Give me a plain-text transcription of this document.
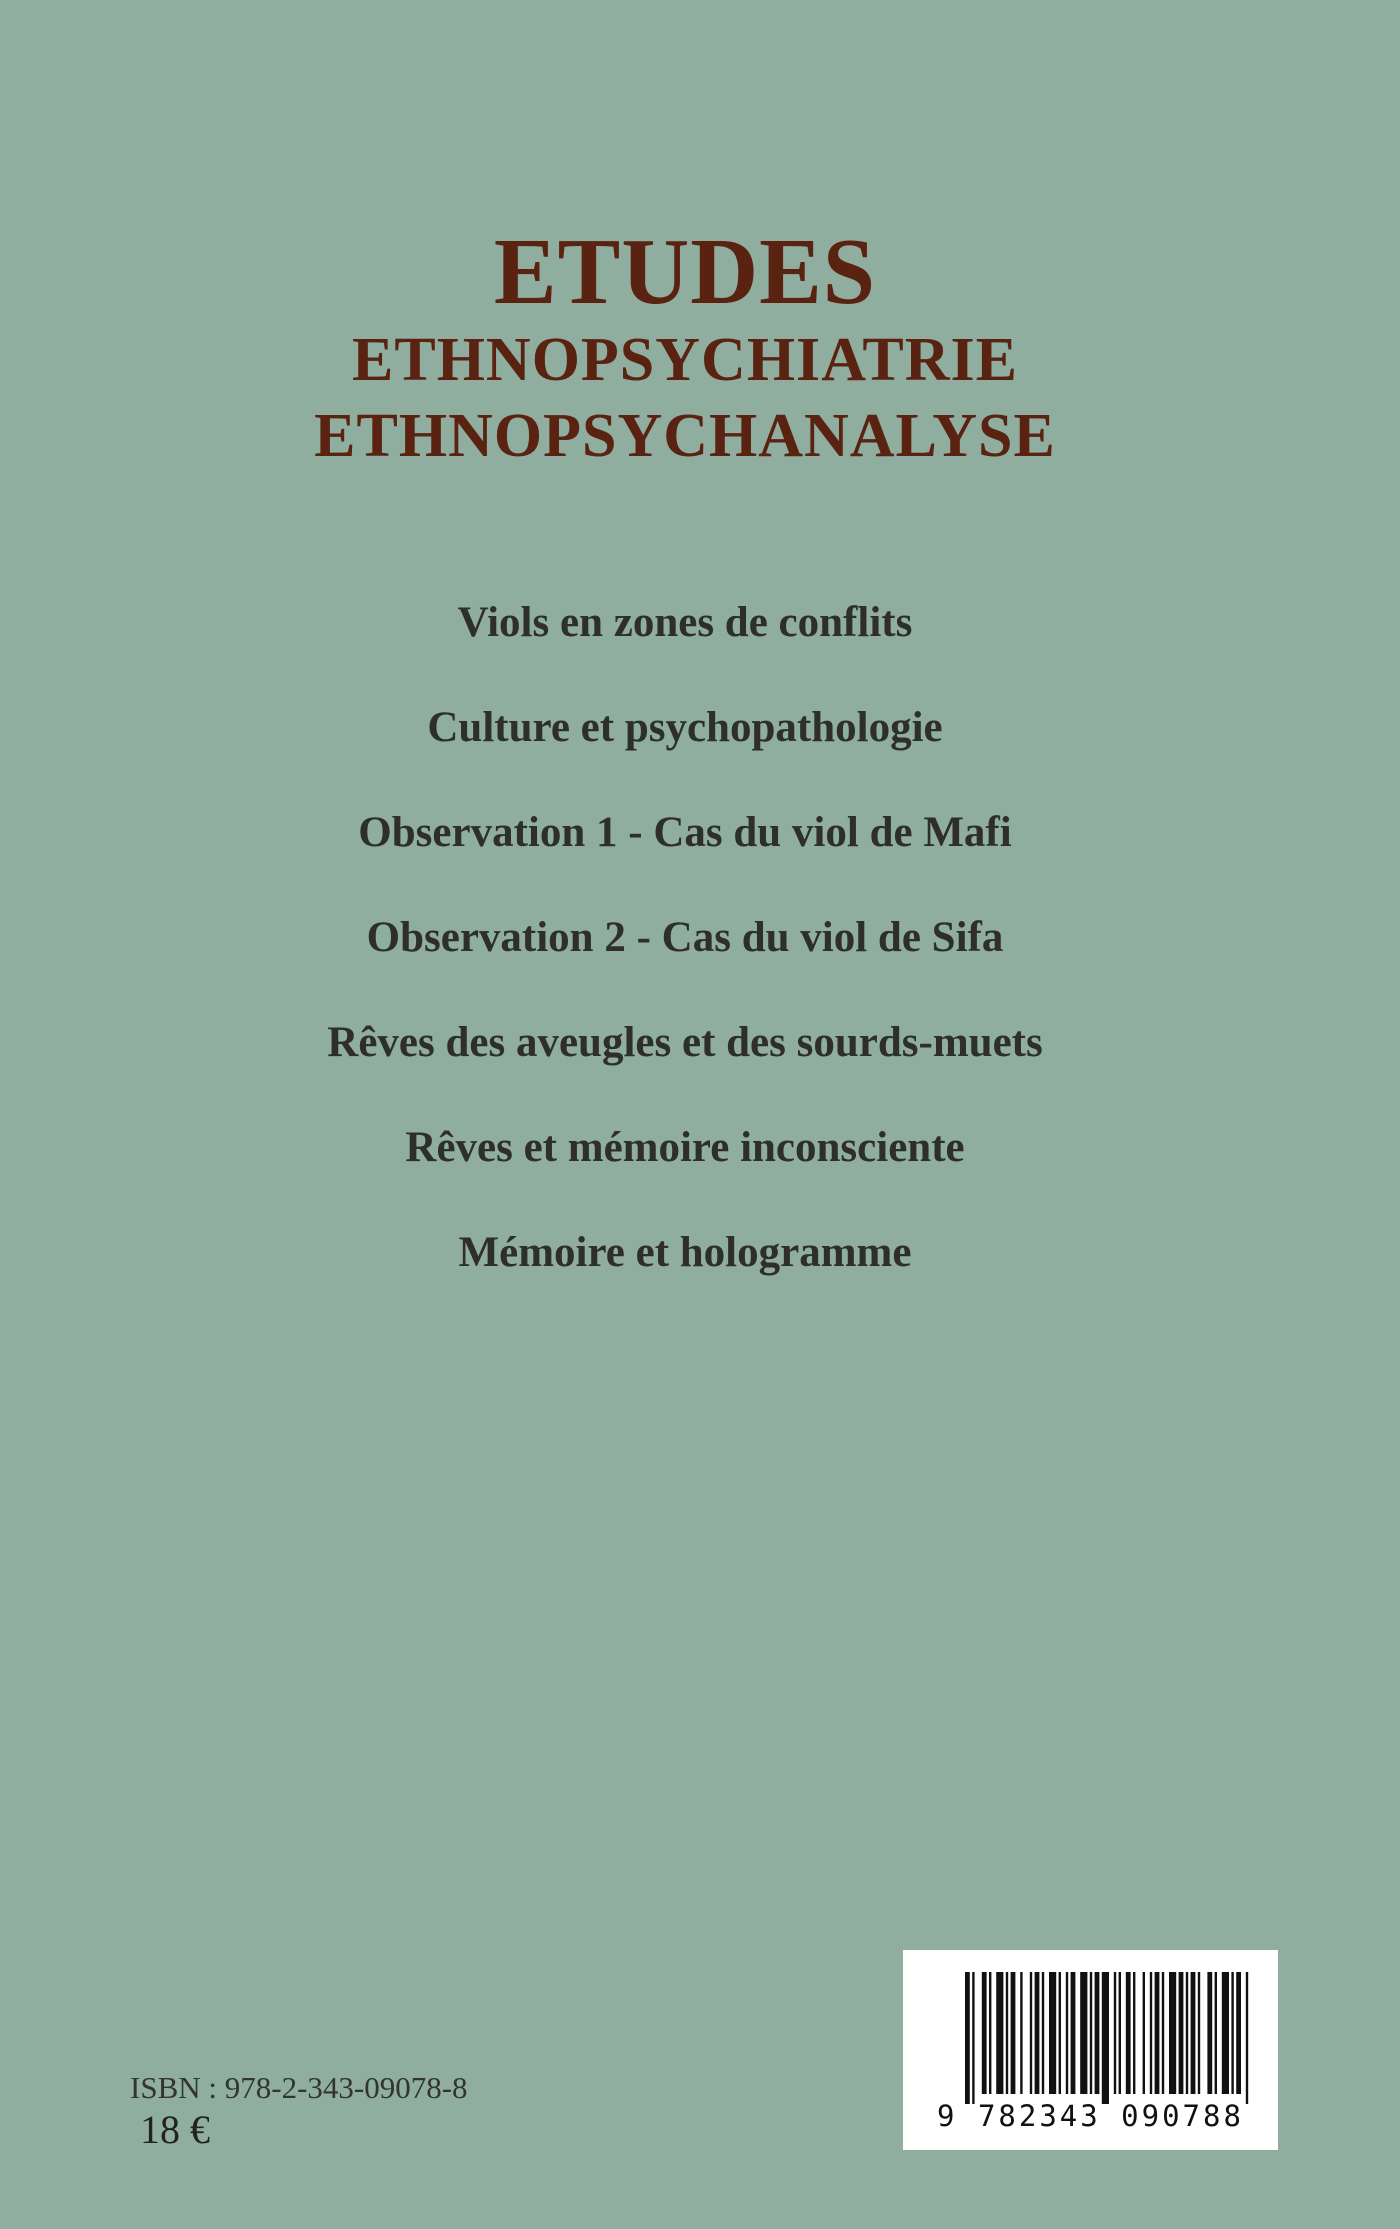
ETUDES
ETHNOPSYCHIATRIE
ETHNOPSYCHANALYSE
Viols en zones de conflits
Culture et psychopathologie
Observation 1 - Cas du viol de Mafi
Observation 2 - Cas du viol de Sifa
Rêves des aveugles et des sourds-muets
Rêves et mémoire inconsciente
Mémoire et hologramme
ISBN : 978-2-343-09078-8
18 €	9 782343 090788
